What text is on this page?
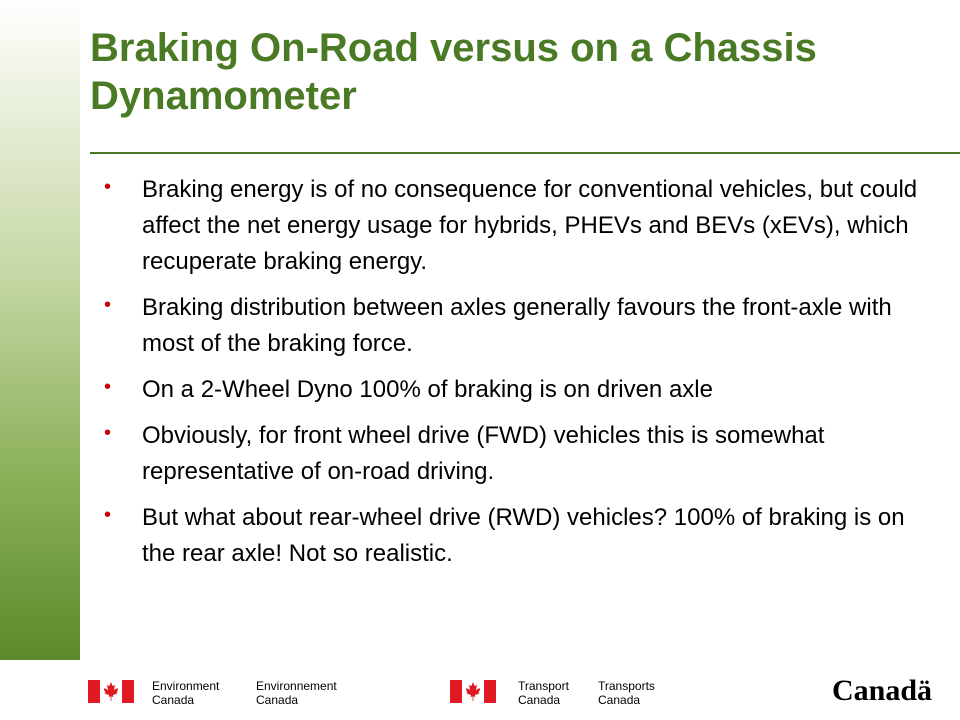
Braking On-Road versus on a Chassis Dynamometer
• Braking energy is of no consequence for conventional vehicles, but could affect the net energy usage for hybrids, PHEVs and BEVs (xEVs), which recuperate braking energy.
• Braking distribution between axles generally favours the front-axle with most of the braking force.
• On a 2-Wheel Dyno 100% of braking is on driven axle
• Obviously, for front wheel drive (FWD) vehicles this is somewhat representative of on-road driving.
• But what about rear-wheel drive (RWD) vehicles? 100% of braking is on the rear axle! Not so realistic.
Environment
Canada
Environnement
Canada
Transport
Canada
Transports
Canada	Canadä
